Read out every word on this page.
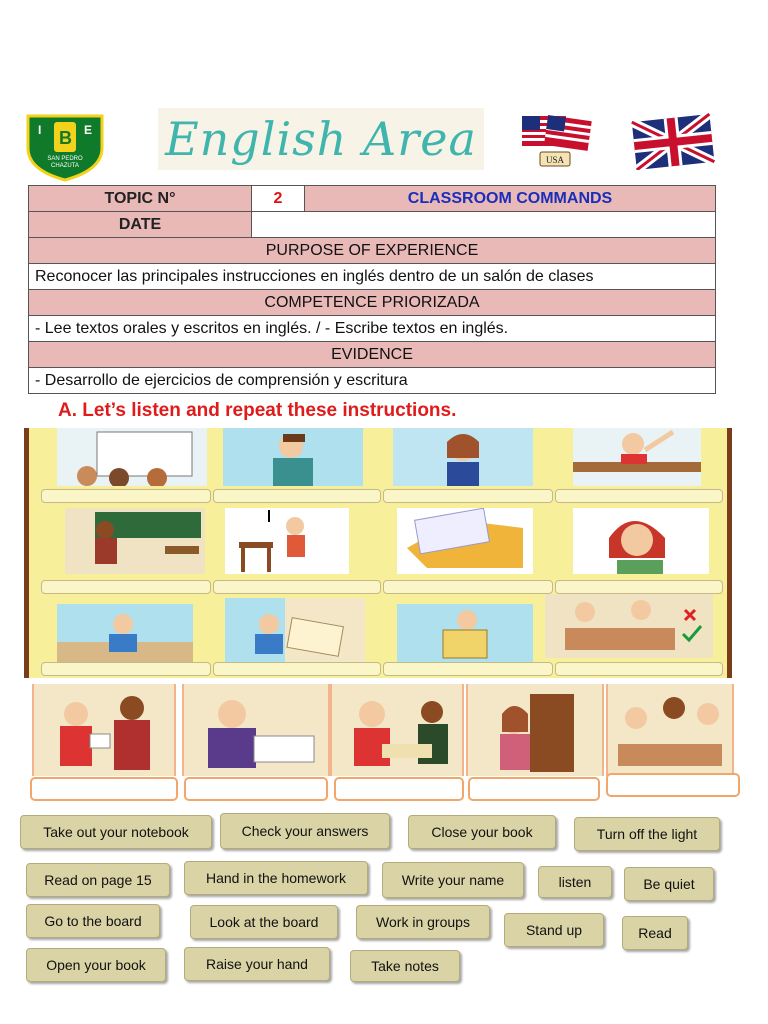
I	E
B
SAN PEDRO
CHAZUTA English Area	USA
TOPIC N°	2	CLASSROOM COMMANDS
DATE		
PURPOSE OF EXPERIENCE		
Reconocer las principales instrucciones en inglés dentro de un salón de clases		
COMPETENCE PRIORIZADA		
- Lee textos orales y escritos en inglés. / - Escribe textos en inglés.		
EVIDENCE		
- Desarrollo de ejercicios de comprensión y escritura		
A. Let’s listen and repeat these instructions.
Take out your notebook	Check your answers	Close your book	Turn off the light
Read on page 15	Hand in the homework	Write your name	listen	Be quiet
Go to the board	Look at the board	Work in groups	Stand up	Read
Open your book	Raise your hand	Take notes
